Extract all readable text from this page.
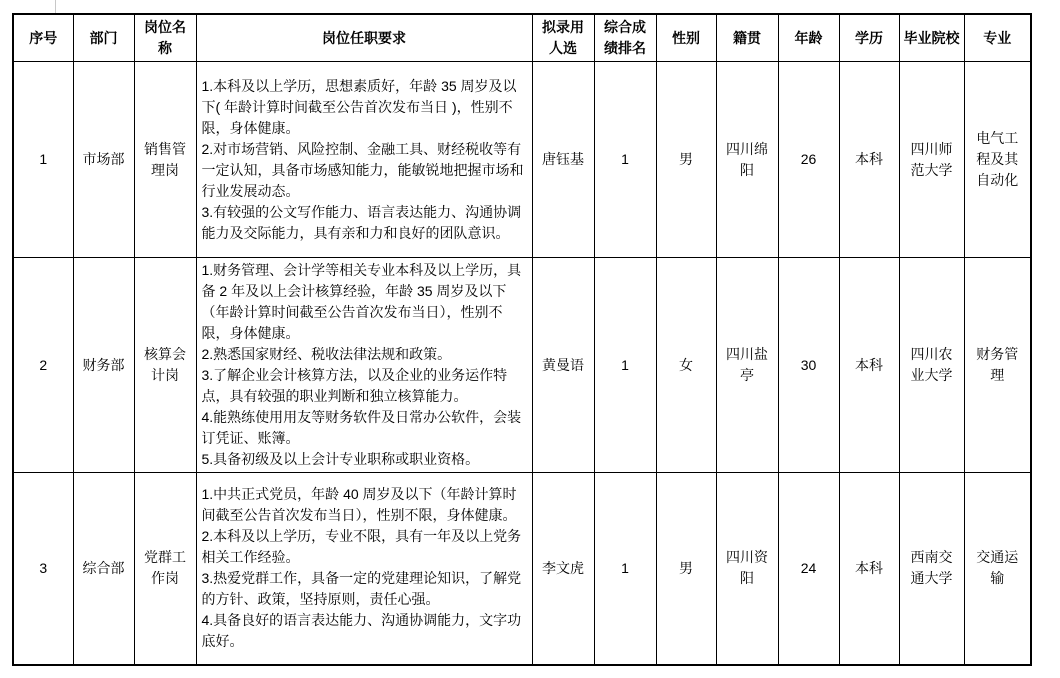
序号	部门	岗位名称	岗位任职要求	拟录用人选	综合成绩排名	性别	籍贯	年龄	学历	毕业院校	专业
1	市场部	销售管理岗	1.本科及以上学历，思想素质好，年龄 35 周岁及以下( 年龄计算时间截至公告首次发布当日 )，性别不限，身体健康。
2.对市场营销、风险控制、金融工具、财经税收等有一定认知，具备市场感知能力，能敏锐地把握市场和行业发展动态。
3.有较强的公文写作能力、语言表达能力、沟通协调能力及交际能力，具有亲和力和良好的团队意识。	唐钰基	1	男	四川绵阳	26	本科	四川师范大学	电气工程及其自动化
2	财务部	核算会计岗	1.财务管理、会计学等相关专业本科及以上学历，具备 2 年及以上会计核算经验，年龄 35 周岁及以下（年龄计算时间截至公告首次发布当日），性别不限，身体健康。
2.熟悉国家财经、税收法律法规和政策。
3.了解企业会计核算方法，以及企业的业务运作特点，具有较强的职业判断和独立核算能力。
4.能熟练使用用友等财务软件及日常办公软件，会装订凭证、账簿。
5.具备初级及以上会计专业职称或职业资格。	黄曼语	1	女	四川盐亭	30	本科	四川农业大学	财务管理
3	综合部	党群工作岗	1.中共正式党员，年龄 40 周岁及以下（年龄计算时间截至公告首次发布当日），性别不限，身体健康。
2.本科及以上学历，专业不限，具有一年及以上党务相关工作经验。
3.热爱党群工作，具备一定的党建理论知识，了解党的方针、政策，坚持原则，责任心强。
4.具备良好的语言表达能力、沟通协调能力，文字功底好。	李文虎	1	男	四川资阳	24	本科	西南交通大学	交通运输
